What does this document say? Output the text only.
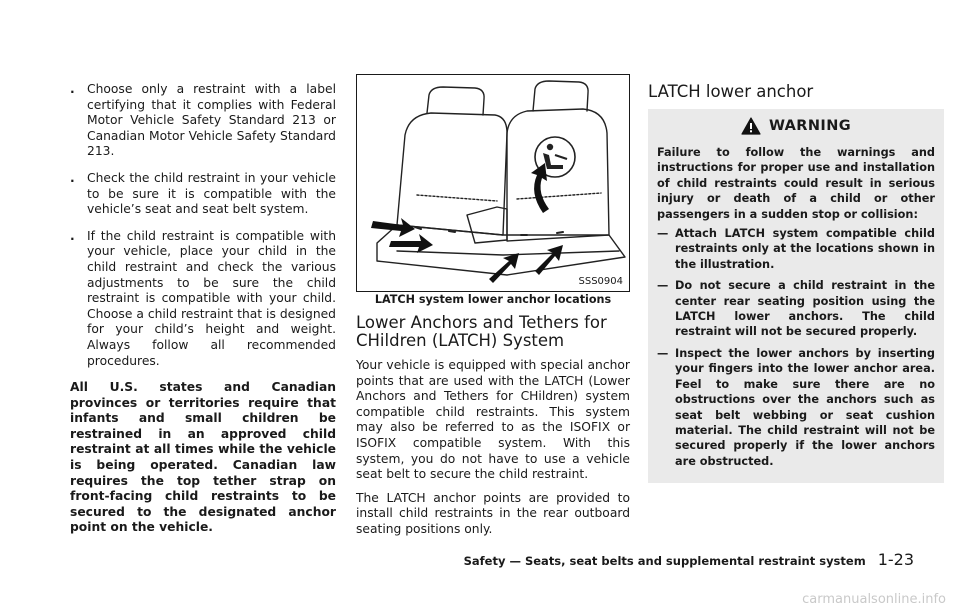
. Choose only a restraint with a label certifying that it complies with Federal Motor Vehicle Safety Standard 213 or Canadian Motor Vehicle Safety Standard 213.
. Check the child restraint in your vehicle to be sure it is compatible with the vehicle’s seat and seat belt system.
. If the child restraint is compatible with your vehicle, place your child in the child restraint and check the various adjustments to be sure the child restraint is compatible with your child. Choose a child restraint that is designed for your child’s height and weight. Always follow all recommended procedures.

All U.S. states and Canadian provinces or territories require that infants and small children be restrained in an approved child restraint at all times while the vehicle is being operated. Canadian law requires the top tether strap on front-facing child restraints to be secured to the designated anchor point on the vehicle.

SSS0904
LATCH system lower anchor locations
Lower Anchors and Tethers for CHildren (LATCH) System

Your vehicle is equipped with special anchor points that are used with the LATCH (Lower Anchors and Tethers for CHildren) system compatible child restraints. This system may also be referred to as the ISOFIX or ISOFIX compatible system. With this system, you do not have to use a vehicle seat belt to secure the child restraint.

The LATCH anchor points are provided to install child restraints in the rear outboard seating positions only.

LATCH lower anchor
WARNING

Failure to follow the warnings and instructions for proper use and installation of child restraints could result in serious injury or death of a child or other passengers in a sudden stop or collision:

— Attach LATCH system compatible child restraints only at the locations shown in the illustration.
— Do not secure a child restraint in the center rear seating position using the LATCH lower anchors. The child restraint will not be secured properly.
— Inspect the lower anchors by inserting your fingers into the lower anchor area. Feel to make sure there are no obstructions over the anchors such as seat belt webbing or seat cushion material. The child restraint will not be secured properly if the lower anchors are obstructed.
Safety — Seats, seat belts and supplemental restraint system 1-23
carmanualsonline.info
